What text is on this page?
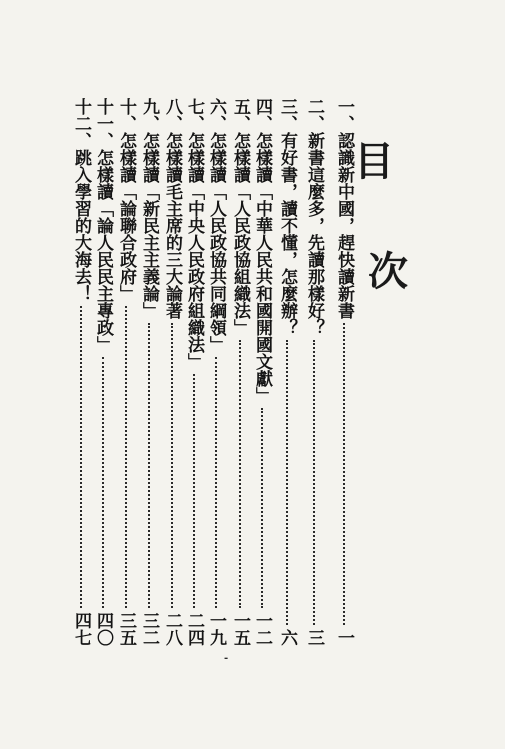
目
次
一、認識新中國，趕快讀新書
一
二、新書這麼多，先讀那樣好？
三
三、有好書，讀不懂，怎麼辦？
六
四、怎樣讀「中華人民共和國開國文獻」
一二
五、怎樣讀「人民政協組織法」
一五
六、怎樣讀「人民政協共同綱領」
一九
七、怎樣讀「中央人民政府組織法」
二四
八、怎樣讀毛主席的三大論著
二八
九、怎樣讀「新民主主義論」
三二
十、怎樣讀「論聯合政府」
三五
十一、怎樣讀「論人民民主專政」
四〇
十二、跳入學習的大海去！
四七
-
